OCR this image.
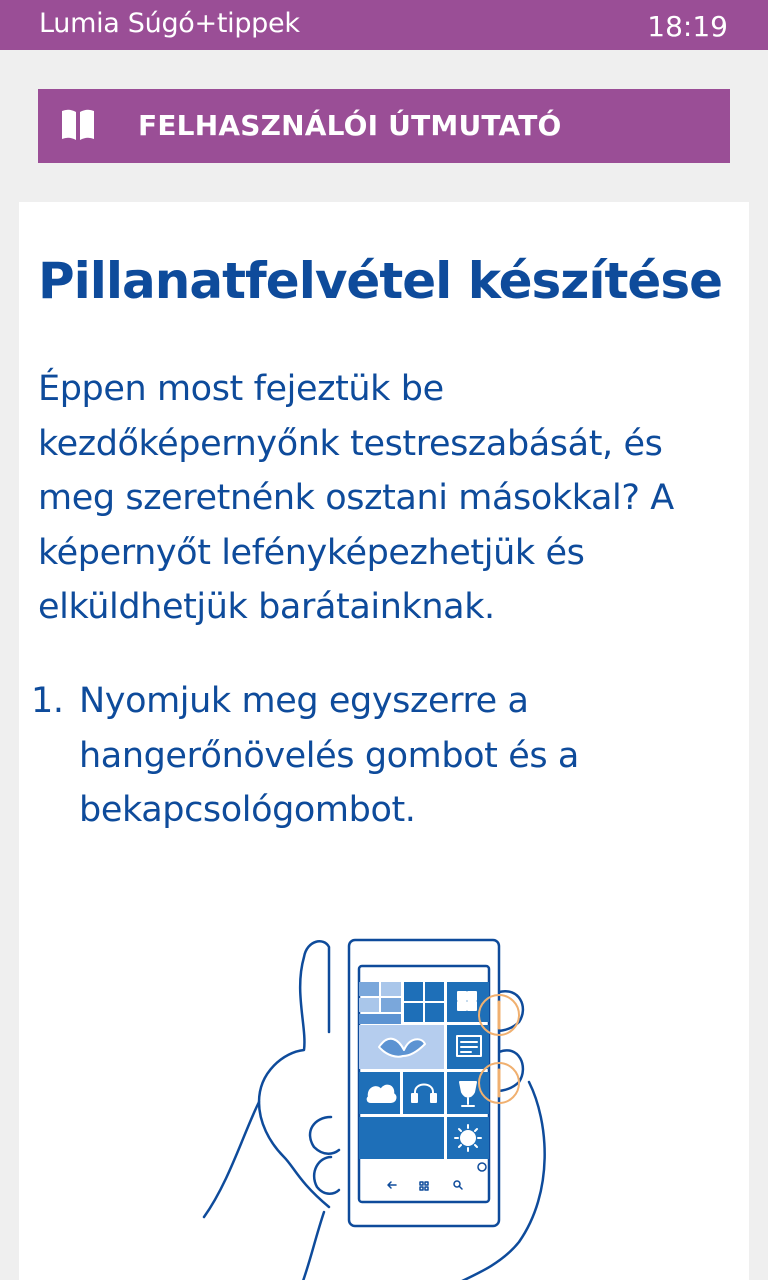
Lumia Súgó+tippek	18:19
FELHASZNÁLÓI ÚTMUTATÓ
Pillanatfelvétel készítése

Éppen most fejeztük be kezdőképernyőnk testreszabását, és meg szeretnénk osztani másokkal? A képernyőt lefényképezhetjük és elküldhetjük barátainknak.

1. Nyomjuk meg egyszerre a hangerőnövelés gombot és a bekapcsológombot.
